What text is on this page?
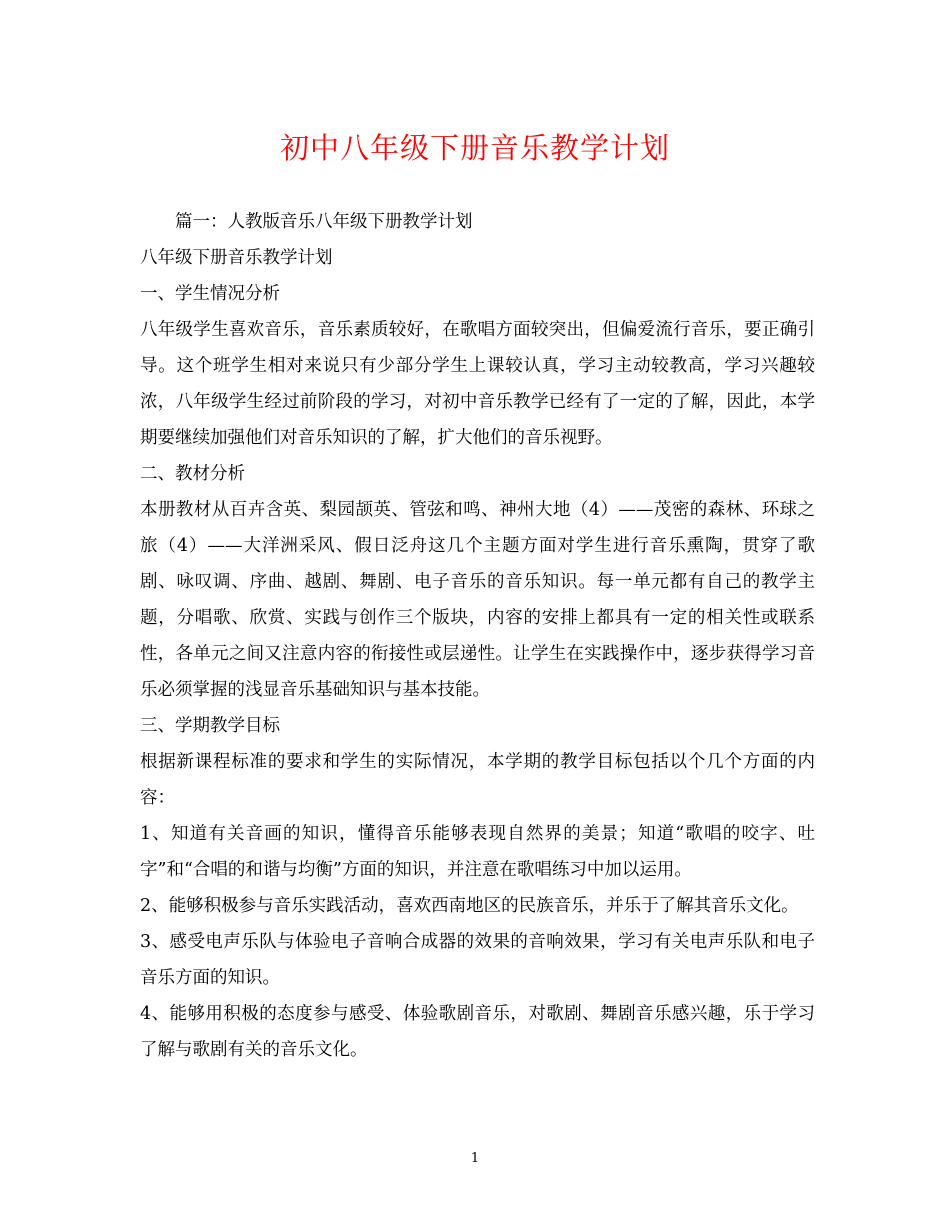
初中八年级下册音乐教学计划

篇一：人教版音乐八年级下册教学计划

八年级下册音乐教学计划

一、学生情况分析

八年级学生喜欢音乐，音乐素质较好，在歌唱方面较突出，但偏爱流行音乐，要正确引导。这个班学生相对来说只有少部分学生上课较认真，学习主动较教高，学习兴趣较浓，八年级学生经过前阶段的学习，对初中音乐教学已经有了一定的了解，因此，本学期要继续加强他们对音乐知识的了解，扩大他们的音乐视野。

二、教材分析

本册教材从百卉含英、梨园颉英、管弦和鸣、神州大地（4）——茂密的森林、环球之旅（4）——大洋洲采风、假日泛舟这几个主题方面对学生进行音乐熏陶，贯穿了歌剧、咏叹调、序曲、越剧、舞剧、电子音乐的音乐知识。每一单元都有自己的教学主题，分唱歌、欣赏、实践与创作三个版块，内容的安排上都具有一定的相关性或联系性，各单元之间又注意内容的衔接性或层递性。让学生在实践操作中，逐步获得学习音乐必须掌握的浅显音乐基础知识与基本技能。

三、学期教学目标

根据新课程标准的要求和学生的实际情况，本学期的教学目标包括以个几个方面的内容：

1、知道有关音画的知识，懂得音乐能够表现自然界的美景；知道“歌唱的咬字、吐字”和“合唱的和谐与均衡”方面的知识，并注意在歌唱练习中加以运用。

2、能够积极参与音乐实践活动，喜欢西南地区的民族音乐，并乐于了解其音乐文化。

3、感受电声乐队与体验电子音响合成器的效果的音响效果，学习有关电声乐队和电子音乐方面的知识。

4、能够用积极的态度参与感受、体验歌剧音乐，对歌剧、舞剧音乐感兴趣，乐于学习了解与歌剧有关的音乐文化。

1
